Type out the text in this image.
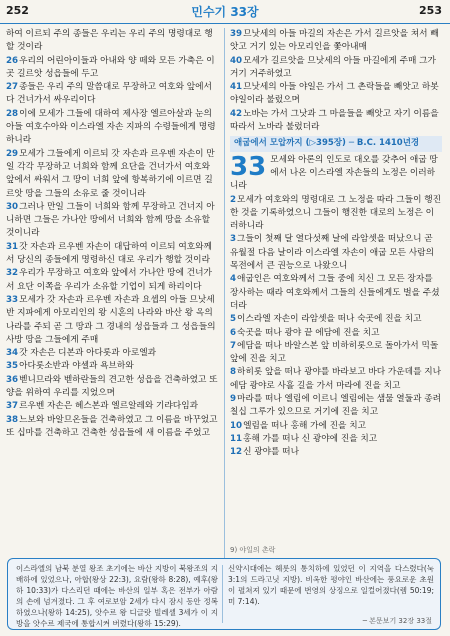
252	민수기 33장	253
하여 이르되 주의 종들은 우리는 우리 주의 명령대로 행할 것이라
26우리의 어린아이들과 아내와 양 떼와 모든 가축은 이곳 길르앗 성읍들에 두고
27종들은 우리 주의 말씀대로 무장하고 여호와 앞에서 다 건너가서 싸우리이다
28이에 모세가 그들에 대하여 제사장 엘르아살과 눈의 아들 여호수아와 이스라엘 자손 지파의 수령들에게 명령하니라
29모세가 그들에게 이르되 갓 자손과 르우벤 자손이 만일 각각 무장하고 너희와 함께 요단을 건너가서 여호와 앞에서 싸워서 그 땅이 너희 앞에 항복하기에 이르면 길르앗 땅을 그들의 소유로 줄 것이니라
30그러나 만일 그들이 너희와 함께 무장하고 건너지 아니하면 그들은 가나안 땅에서 너희와 함께 땅을 소유할 것이니라
31갓 자손과 르우벤 자손이 대답하여 이르되 여호와께서 당신의 종들에게 명령하신 대로 우리가 행할 것이라
32우리가 무장하고 여호와 앞에서 가나안 땅에 건너가서 요단 이쪽을 우리가 소유할 기업이 되게 하리이다
33모세가 갓 자손과 르우벤 자손과 요셉의 아들 므낫세 반 지파에게 아모리인의 왕 시혼의 나라와 바산 왕 옥의 나라를 주되 곧 그 땅과 그 경내의 성읍들과 그 성읍들의 사방 땅을 그들에게 주매
34갓 자손은 디본과 아다롯과 아로엘과
35아다롯소반과 야셀과 욕브하와
36벧니므라와 벧하란들의 견고한 성읍을 건축하였고 또 양을 위하여 우리를 지었으며
37르우벤 자손은 헤스본과 엘르알레와 기랴다임과
38느보와 바알므온들을 건축하였고 그 이름을 바꾸었고 또 십마를 건축하고 건축한 성읍들에 새 이름을 주었고
39므낫세의 아들 마길의 자손은 가서 길르앗을 쳐서 빼앗고 거기 있는 아모리인을 쫓아내매
40모세가 길르앗을 므낫세의 아들 마길에게 주매 그가 거기 거주하였고
41므낫세의 아들 야일은 가서 그 촌락들을 빼앗고 하봇야일이라 불렀으며
42노바는 가서 그낫과 그 마을들을 빼앗고 자기 이름을 따라서 노바라 불렀더라
애굽에서 모압까지 (▷395장) ─ B.C. 1410년경
33 모세와 아론의 인도로 대오를 갖추어 애굽 땅에서 나온 이스라엘 자손들의 노정은 이러하니라
2모세가 여호와의 명령대로 그 노정을 따라 그들이 행진한 것을 기록하였으니 그들이 행진한 대로의 노정은 이러하니라
3그들이 첫째 달 열다섯째 날에 라암셋을 떠났으니 곧 유월절 다음 날이라 이스라엘 자손이 애굽 모든 사람의 목전에서 큰 권능으로 나왔으니
4애굽인은 여호와께서 그들 중에 치신 그 모든 장자를 장사하는 때라 여호와께서 그들의 신들에게도 벌을 주셨더라
5이스라엘 자손이 라암셋을 떠나 숙곳에 진을 치고
6숙곳을 떠나 광야 끝 에담에 진을 치고
7에담을 떠나 바알스본 앞 비하히롯으로 돌아가서 믹돌 앞에 진을 치고
8하히롯 앞을 떠나 광야를 바라보고 바다 가운데를 지나 에담 광야로 사흘 길을 가서 마라에 진을 치고
9마라를 떠나 엘림에 이르니 엘림에는 샘물 열둘과 종려 칠십 그루가 있으므로 거기에 진을 치고
10엘림을 떠나 홍해 가에 진을 치고
11홍해 가를 떠나 신 광야에 진을 치고
12신 광야를 떠나
9) 야일의 촌락
이스라엘의 남북 분열 왕조 초기에는 바산 지방이 북왕조의 지배하에 있었으나, 아합(왕상 22:3), 요람(왕하 8:28), 예후(왕하 10:33)가 다스리던 때에는 바산의 일부 혹은 전부가 아람의 손에 넘겨졌다. 그 후 여로보암 2세가 다시 잠시 동안 정복하였으나(왕하 14:25), 앗수르 왕 디글랏 빌레셀 3세가 이 지방을 앗수르 제국에 통합시켜 버렸다(왕하 15:29).
신약시대에는 헤롯의 통치하에 있었던 이 지역을 다스렸다(눅 3:1의 드라고닛 지방). 비옥한 평야인 바산에는 풍요로운 초원이 펼쳐져 있기 때문에 번영의 상징으로 일컬어졌다(렘 50:19; 미 7:14).
─ 본문보기 32장 33절
